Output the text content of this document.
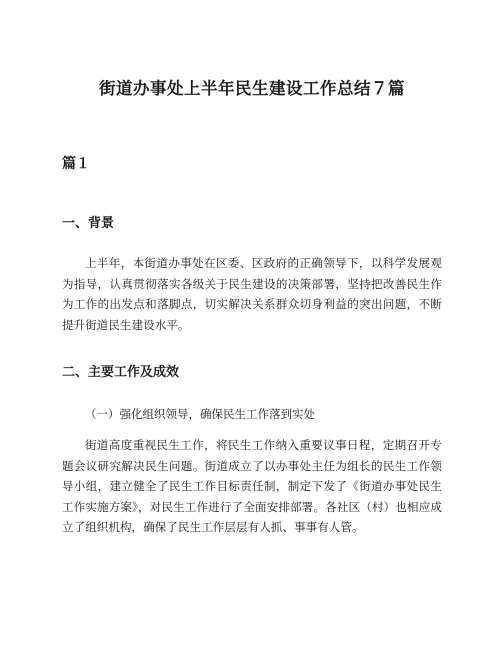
街道办事处上半年民生建设工作总结７篇
篇１
一、背景

上半年，本街道办事处在区委、区政府的正确领导下，以科学发展观为指导，认真贯彻落实各级关于民生建设的决策部署，坚持把改善民生作为工作的出发点和落脚点，切实解决关系群众切身利益的突出问题，不断提升街道民生建设水平。

二、主要工作及成效

（一）强化组织领导，确保民生工作落到实处

街道高度重视民生工作，将民生工作纳入重要议事日程，定期召开专题会议研究解决民生问题。街道成立了以办事处主任为组长的民生工作领导小组，建立健全了民生工作目标责任制，制定下发了《街道办事处民生工作实施方案》，对民生工作进行了全面安排部署。各社区（村）也相应成立了组织机构，确保了民生工作层层有人抓、事事有人管。
